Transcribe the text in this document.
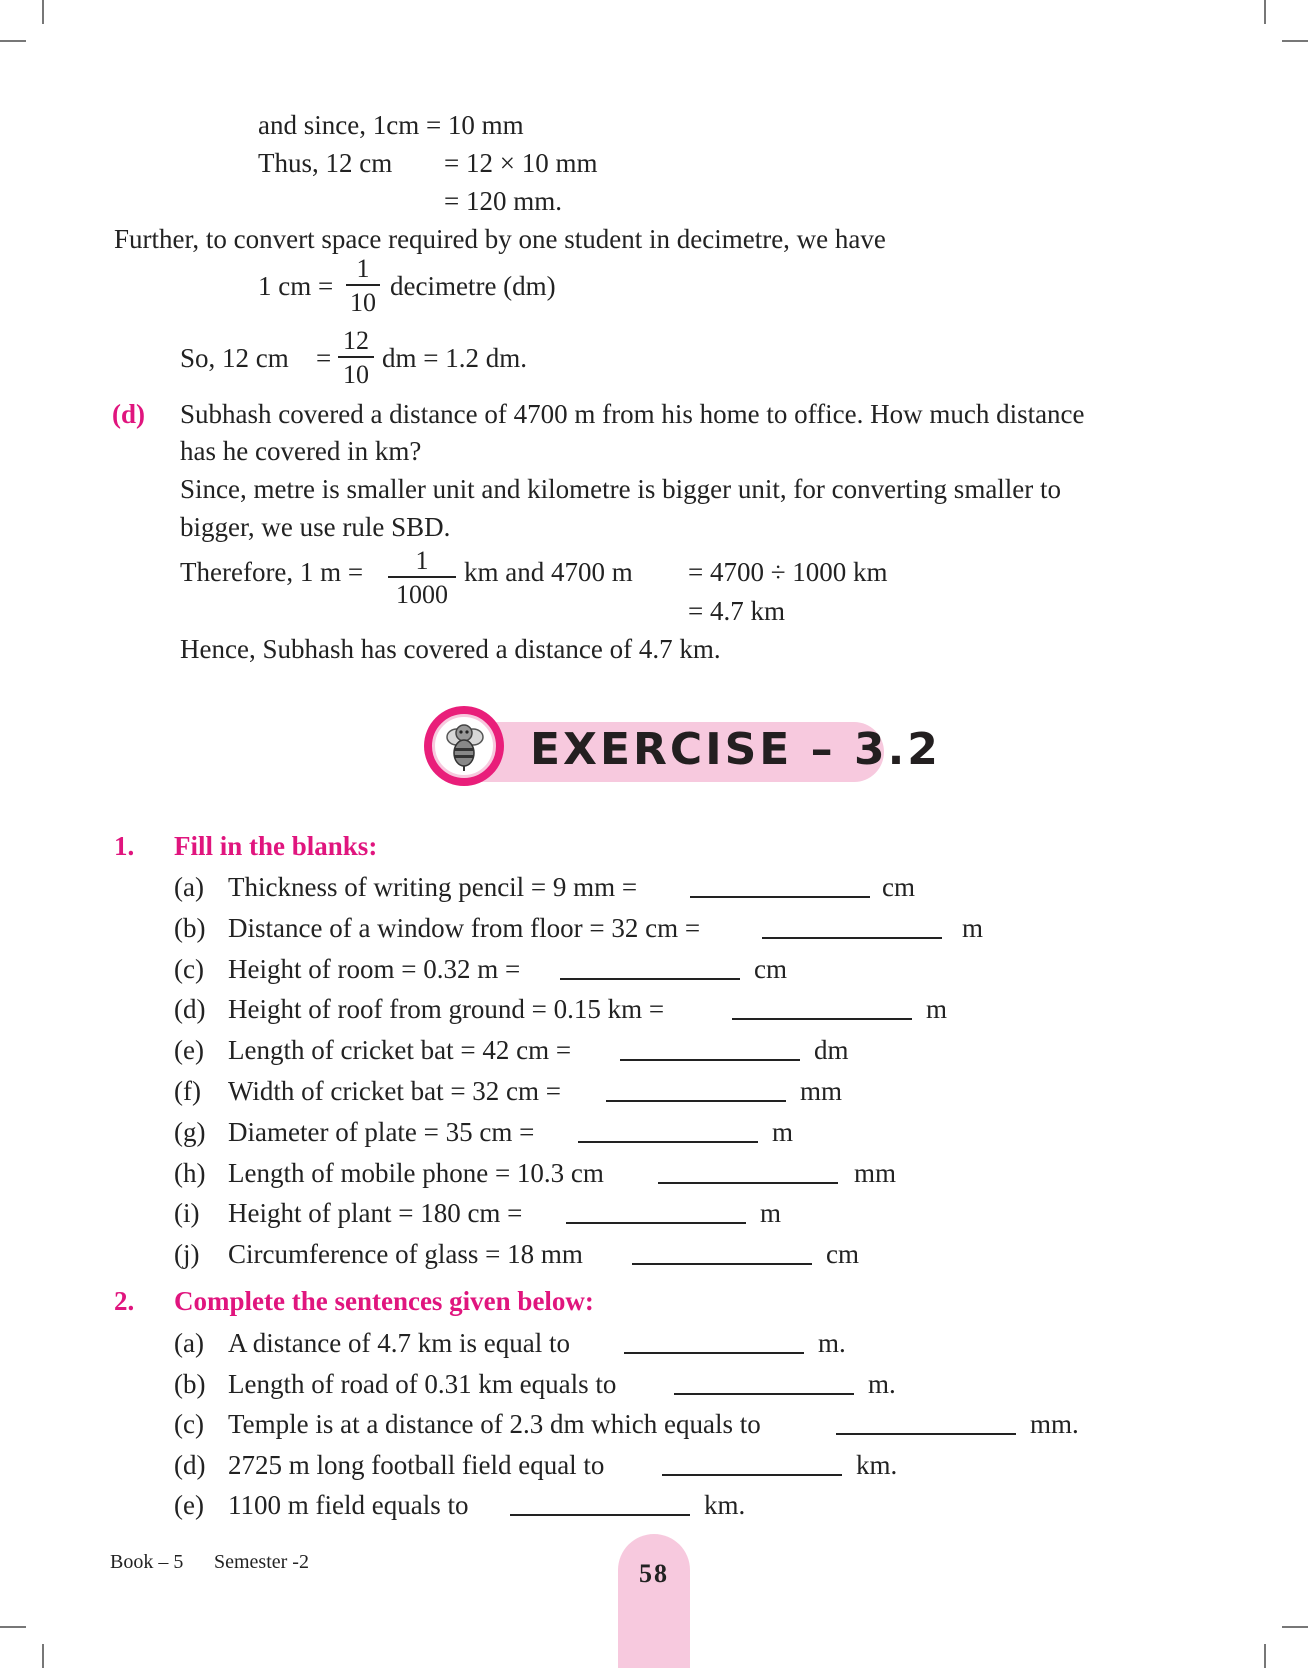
and since, 1cm = 10 mm
Thus, 12 cm = 12 × 10 mm
= 120 mm.
Further, to convert space required by one student in decimetre, we have
1 cm =
1
10
decimetre (dm)
So, 12 cm =
12
10
dm = 1.2 dm.
(d) Subhash covered a distance of 4700 m from his home to office. How much distance
has he covered in km?
Since, metre is smaller unit and kilometre is bigger unit, for converting smaller to
bigger, we use rule SBD.
Therefore, 1 m =	1
1000
km and 4700 m = 4700 ÷ 1000 km
= 4.7 km
Hence, Subhash has covered a distance of 4.7 km.
EXERCISE – 3.2
1. Fill in the blanks:
(a) Thickness of writing pencil = 9 mm =	cm
(b) Distance of a window from floor = 32 cm =	m
(c) Height of room = 0.32 m =	cm
(d) Height of roof from ground = 0.15 km =	m
(e) Length of cricket bat = 42 cm =	dm
(f) Width of cricket bat = 32 cm =	mm
(g) Diameter of plate = 35 cm =	m
(h) Length of mobile phone = 10.3 cm	mm
(i) Height of plant = 180 cm =	m
(j) Circumference of glass = 18 mm	cm
2. Complete the sentences given below:
(a) A distance of 4.7 km is equal to	m.
(b) Length of road of 0.31 km equals to	m.
(c) Temple is at a distance of 2.3 dm which equals to	mm.
(d) 2725 m long football field equal to	km.
(e) 1100 m field equals to	km.
Book – 5 Semester -2	58
